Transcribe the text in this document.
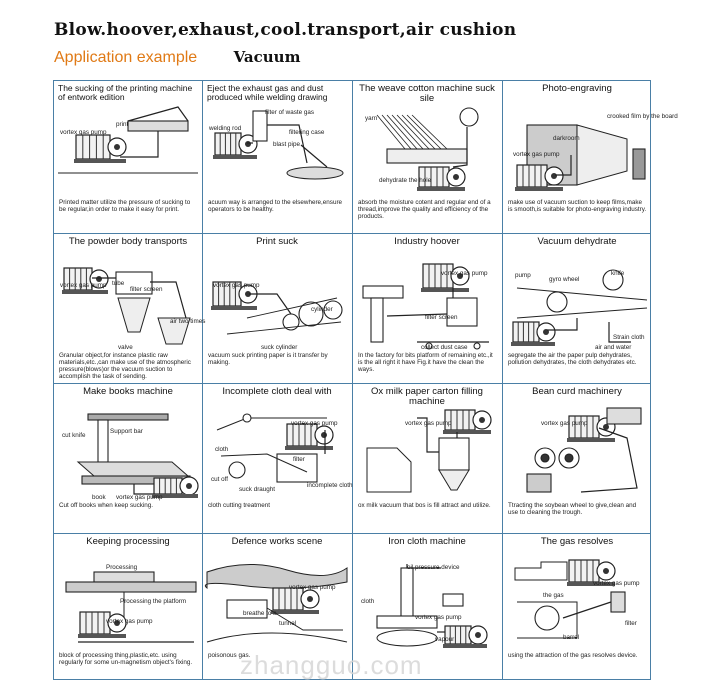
Blow.hoover,exhaust,cool.transport,air cushion
Application example Vacuum
The sucking of the printing machine of entwork edition
print
vortex gas pump
Printed matter utilize the pressure of sucking to be regular,in order to make it easy for print.
Eject the exhaust gas and dust produced while welding drawing
filter of waste gas
welding rod
filtering case
blast pipe
acuum way is arranged to the elsewhere,ensure operators to be healthy.
The weave cotton machine suck sile
yarn
dehydrate the hole
absorb the moisture cotent and regular end of a thread,improve the quality and efficiency of the products.
Photo-engraving
crooked film by the board
darkroom
vortex gas pump
make use of vacuum suction to keep films,make is smooth,is suitable for photo-engraving industry.
The powder body transports
vortex gas pump tube
filter screen
air two times
valve
Granular object,for instance plastic raw materials,etc.,can make use of the atmospheric pressure(blows)or the vacuum suction to accomplish the task of sending.
Print suck
vortex gas pump
cylinder
suck cylinder
vacuum suck printing paper is it transfer by making.
Industry hoover
vortex gas pump
filter screen
collect dust case
In the factory for bits platform of remaining etc.,it is the all right it have Fig.it have the clean the ways.
Vacuum dehydrate
pump
gyro wheel
knife
Strain cloth
air and water
segregate the air the paper pulp dehydrates, pollution dehydrates, the cloth dehydrates etc.
Make books machine
cut knife
Support bar
book vortex gas pump
Cut off books when keep sucking.
Incomplete cloth deal with
vortex gas pump
cloth
filter
cut off
suck draught
incomplete cloth
cloth cutting treatment
Ox milk paper carton filling machine
vortex gas pump
ox milk vacuum that bos is fill attract and utilize.
Bean curd machinery
vortex gas pump
Ttracting the soybean wheel to give,clean and use to cleaning the trough.
Keeping processing
Processing
Processing the platform
vortex gas pump
block of processing thing,plastic,etc. using regularly for some un-magnetism object's fixing.
Defence works scene
vortex gas pump
breathe to a
tunnel
poisonous gas.
Iron cloth machine
oil pressure device
cloth
vortex gas pump
vapour
The gas resolves
vortex gas pump
the gas
filter
barrel
using the attraction of the gas resolves device.
zhangguo.com
